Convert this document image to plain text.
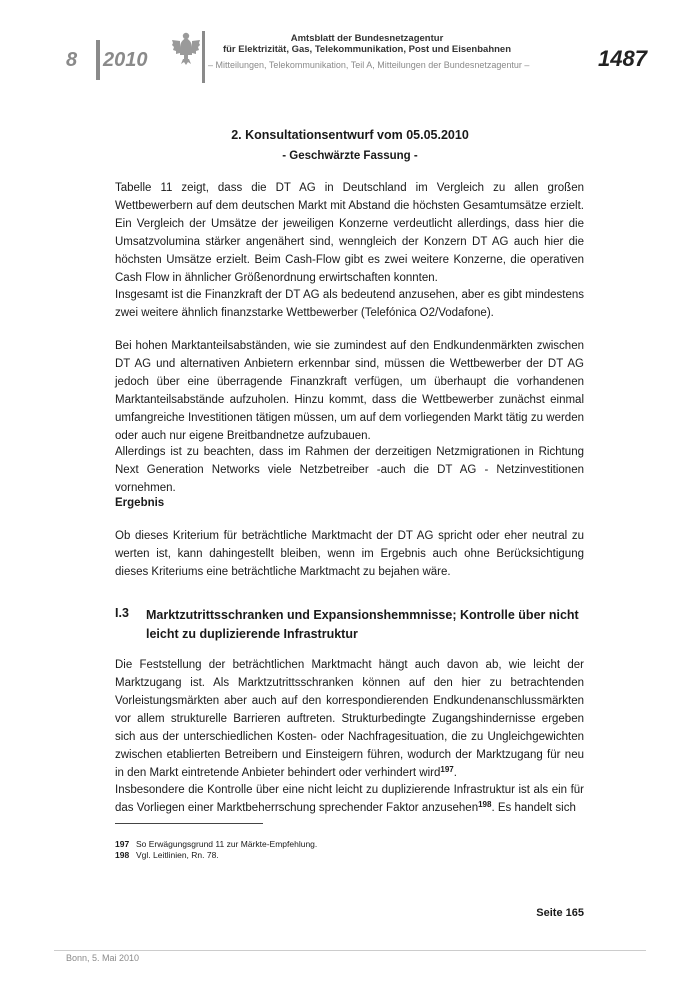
8 2010
Amtsblatt der Bundesnetzagentur
für Elektrizität, Gas, Telekommunikation, Post und Eisenbahnen
– Mitteilungen, Telekommunikation, Teil A, Mitteilungen der Bundesnetzagentur –	1487
2. Konsultationsentwurf vom 05.05.2010
- Geschwärzte Fassung -

Tabelle 11 zeigt, dass die DT AG in Deutschland im Vergleich zu allen großen Wettbewerbern auf dem deutschen Markt mit Abstand die höchsten Gesamtumsätze erzielt. Ein Vergleich der Umsätze der jeweiligen Konzerne verdeutlicht allerdings, dass hier die Umsatzvolumina stärker angenähert sind, wenngleich der Konzern DT AG auch hier die höchsten Umsätze erzielt. Beim Cash-Flow gibt es zwei weitere Konzerne, die operativen Cash Flow in ähnlicher Größenordnung erwirtschaften konnten.

Insgesamt ist die Finanzkraft der DT AG als bedeutend anzusehen, aber es gibt mindestens zwei weitere ähnlich finanzstarke Wettbewerber (Telefónica O2/Vodafone).

Bei hohen Marktanteilsabständen, wie sie zumindest auf den Endkundenmärkten zwischen DT AG und alternativen Anbietern erkennbar sind, müssen die Wettbewerber der DT AG jedoch über eine überragende Finanzkraft verfügen, um überhaupt die vorhandenen Marktanteilsabstände aufzuholen. Hinzu kommt, dass die Wettbewerber zunächst einmal umfangreiche Investitionen tätigen müssen, um auf dem vorliegenden Markt tätig zu werden oder auch nur eigene Breitbandnetze aufzubauen.

Allerdings ist zu beachten, dass im Rahmen der derzeitigen Netzmigrationen in Richtung Next Generation Networks viele Netzbetreiber -auch die DT AG - Netzinvestitionen vornehmen.

Ergebnis

Ob dieses Kriterium für beträchtliche Marktmacht der DT AG spricht oder eher neutral zu werten ist, kann dahingestellt bleiben, wenn im Ergebnis auch ohne Berücksichtigung dieses Kriteriums eine beträchtliche Marktmacht zu bejahen wäre.

I.3 Marktzutrittsschranken und Expansionshemmnisse; Kontrolle über nicht leicht zu duplizierende Infrastruktur

Die Feststellung der beträchtlichen Marktmacht hängt auch davon ab, wie leicht der Marktzugang ist. Als Marktzutrittsschranken können auf den hier zu betrachtenden Vorleistungsmärkten aber auch auf den korrespondierenden Endkundenanschlussmärkten vor allem strukturelle Barrieren auftreten. Strukturbedingte Zugangshindernisse ergeben sich aus der unterschiedlichen Kosten- oder Nachfragesituation, die zu Ungleichgewichten zwischen etablierten Betreibern und Einsteigern führen, wodurch der Marktzugang für neu in den Markt eintretende Anbieter behindert oder verhindert wird$^{197}$.

Insbesondere die Kontrolle über eine nicht leicht zu duplizierende Infrastruktur ist als ein für das Vorliegen einer Marktbeherrschung sprechender Faktor anzusehen$^{198}$. Es handelt sich

197 So Erwägungsgrund 11 zur Märkte-Empfehlung.
198 Vgl. Leitlinien, Rn. 78.
Seite 165
Bonn, 5. Mai 2010
